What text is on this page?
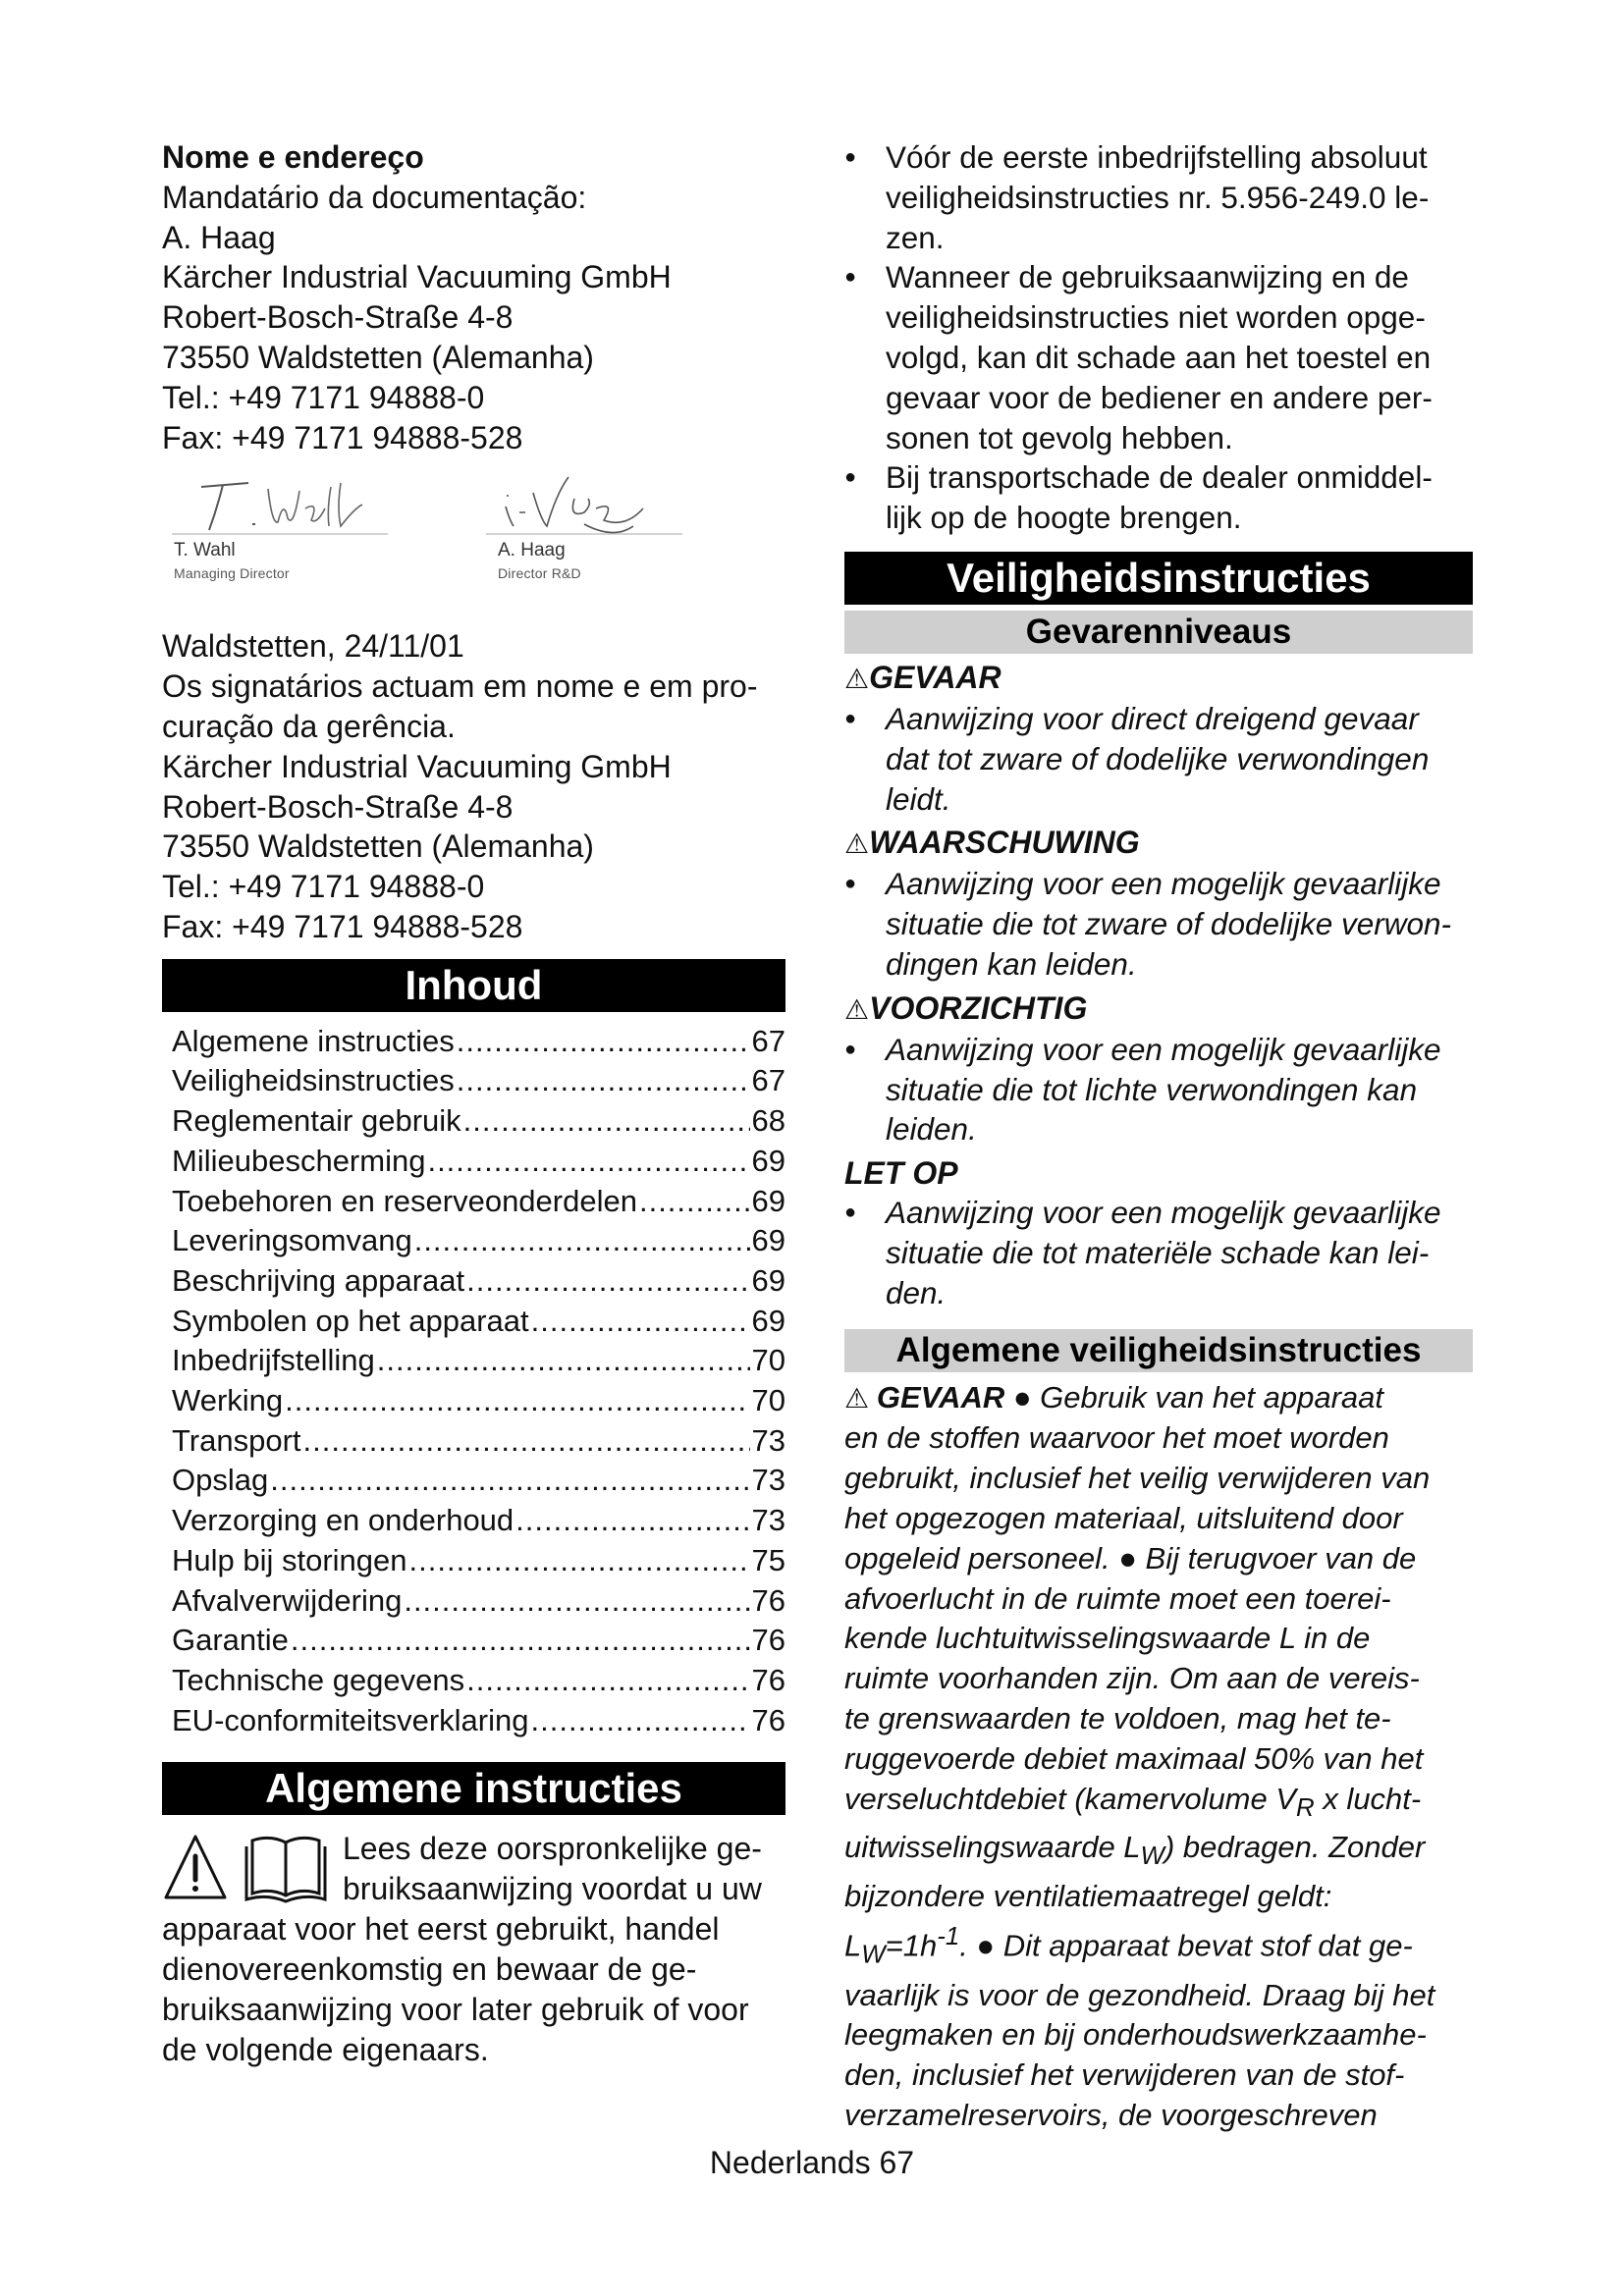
Nome e endereço
Mandatário da documentação:
A. Haag
Kärcher Industrial Vacuuming GmbH
Robert-Bosch-Straße 4-8
73550 Waldstetten (Alemanha)
Tel.: +49 7171 94888-0
Fax: +49 7171 94888-528
T. Wahl
Managing Director
A. Haag
Director R&D
Waldstetten, 24/11/01
Os signatários actuam em nome e em pro-
curação da gerência.
Kärcher Industrial Vacuuming GmbH
Robert-Bosch-Straße 4-8
73550 Waldstetten (Alemanha)
Tel.: +49 7171 94888-0
Fax: +49 7171 94888-528
Inhoud
Algemene instructies .....	67
Veiligheidsinstructies .....	67
Reglementair gebruik .....	68
Milieubescherming .....	69
Toebehoren en reserveonderdelen .....	69
Leveringsomvang .....	69
Beschrijving apparaat .....	69
Symbolen op het apparaat .....	69
Inbedrijfstelling .....	70
Werking .....	70
Transport .....	73
Opslag .....	73
Verzorging en onderhoud .....	73
Hulp bij storingen .....	75
Afvalverwijdering .....	76
Garantie .....	76
Technische gegevens .....	76
EU-conformiteitsverklaring .....	76
Algemene instructies
Lees deze oorspronkelijke ge-
bruiksaanwijzing voordat u uw
apparaat voor het eerst gebruikt, handel
dienovereenkomstig en bewaar de ge-
bruiksaanwijzing voor later gebruik of voor
de volgende eigenaars.
● Vóór de eerste inbedrijfstelling absoluut
veiligheidsinstructies nr. 5.956-249.0 le-
zen.
● Wanneer de gebruiksaanwijzing en de
veiligheidsinstructies niet worden opge-
volgd, kan dit schade aan het toestel en
gevaar voor de bediener en andere per-
sonen tot gevolg hebben.
● Bij transportschade de dealer onmiddel-
lijk op de hoogte brengen.
Veiligheidsinstructies
Gevarenniveaus
⚠GEVAAR
● Aanwijzing voor direct dreigend gevaar
dat tot zware of dodelijke verwondingen
leidt.
⚠WAARSCHUWING
● Aanwijzing voor een mogelijk gevaarlijke
situatie die tot zware of dodelijke verwon-
dingen kan leiden.
⚠VOORZICHTIG
● Aanwijzing voor een mogelijk gevaarlijke
situatie die tot lichte verwondingen kan
leiden.
LET OP
● Aanwijzing voor een mogelijk gevaarlijke
situatie die tot materiële schade kan lei-
den.
Algemene veiligheidsinstructies
⚠ GEVAAR ● Gebruik van het apparaat
en de stoffen waarvoor het moet worden
gebruikt, inclusief het veilig verwijderen van
het opgezogen materiaal, uitsluitend door
opgeleid personeel. ● Bij terugvoer van de
afvoerlucht in de ruimte moet een toerei-
kende luchtuitwisselingswaarde L in de
ruimte voorhanden zijn. Om aan de vereis-
te grenswaarden te voldoen, mag het te-
ruggevoerde debiet maximaal 50% van het
verseluchtdebiet (kamervolume $V_R$ x lucht-
uitwisselingswaarde $L_W$) bedragen. Zonder
bijzondere ventilatiemaatregel geldt:
$L_W=1h^{-1}$. ● Dit apparaat bevat stof dat ge-
vaarlijk is voor de gezondheid. Draag bij het
leegmaken en bij onderhoudswerkzaamhe-
den, inclusief het verwijderen van de stof-
verzamelreservoirs, de voorgeschreven
Nederlands 67
